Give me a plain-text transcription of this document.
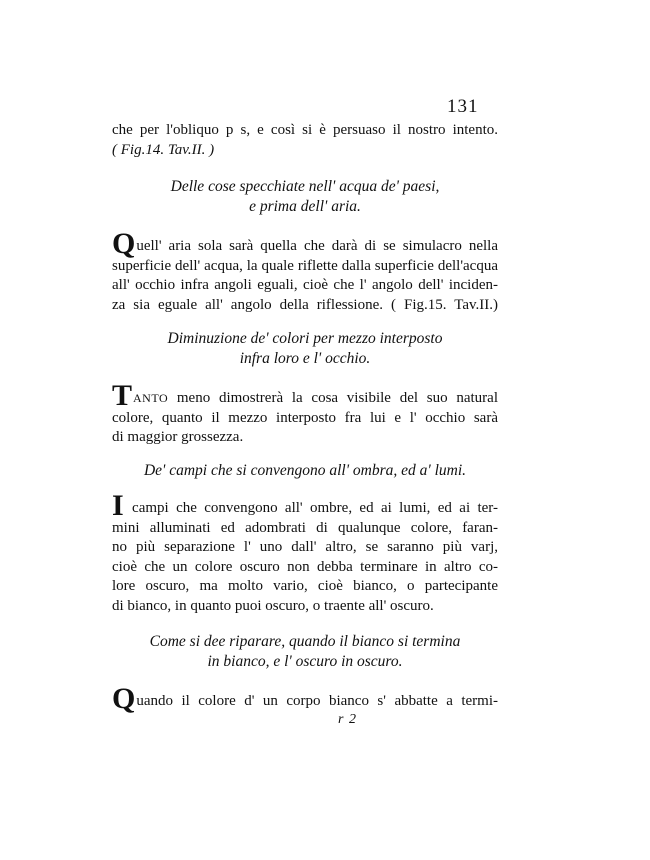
131
che per l'obliquo p s, e così si è persuaso il nostro intento.
( Fig.14. Tav.II. )
Delle cose specchiate nell' acqua de' paesi,
e prima dell' aria.
Quell' aria sola sarà quella che darà di se simulacro nella
superficie dell' acqua, la quale riflette dalla superficie dell'acqua
all' occhio infra angoli eguali, cioè che l' angolo dell' inciden-
za sia eguale all' angolo della riflessione. ( Fig.15. Tav.II.)
Diminuzione de' colori per mezzo interposto
infra loro e l' occhio.
TANTO meno dimostrerà la cosa visibile del suo natural
colore, quanto il mezzo interposto fra lui e l' occhio sarà
di maggior grossezza.
De' campi che si convengono all' ombra, ed a' lumi.
I campi che convengono all' ombre, ed ai lumi, ed ai ter-
mini alluminati ed adombrati di qualunque colore, faran-
no più separazione l' uno dall' altro, se saranno più varj,
cioè che un colore oscuro non debba terminare in altro co-
lore oscuro, ma molto vario, cioè bianco, o partecipante
di bianco, in quanto puoi oscuro, o traente all' oscuro.
Come si dee riparare, quando il bianco si termina
in bianco, e l' oscuro in oscuro.
Quando il colore d' un corpo bianco s' abbatte a termi-
r 2
